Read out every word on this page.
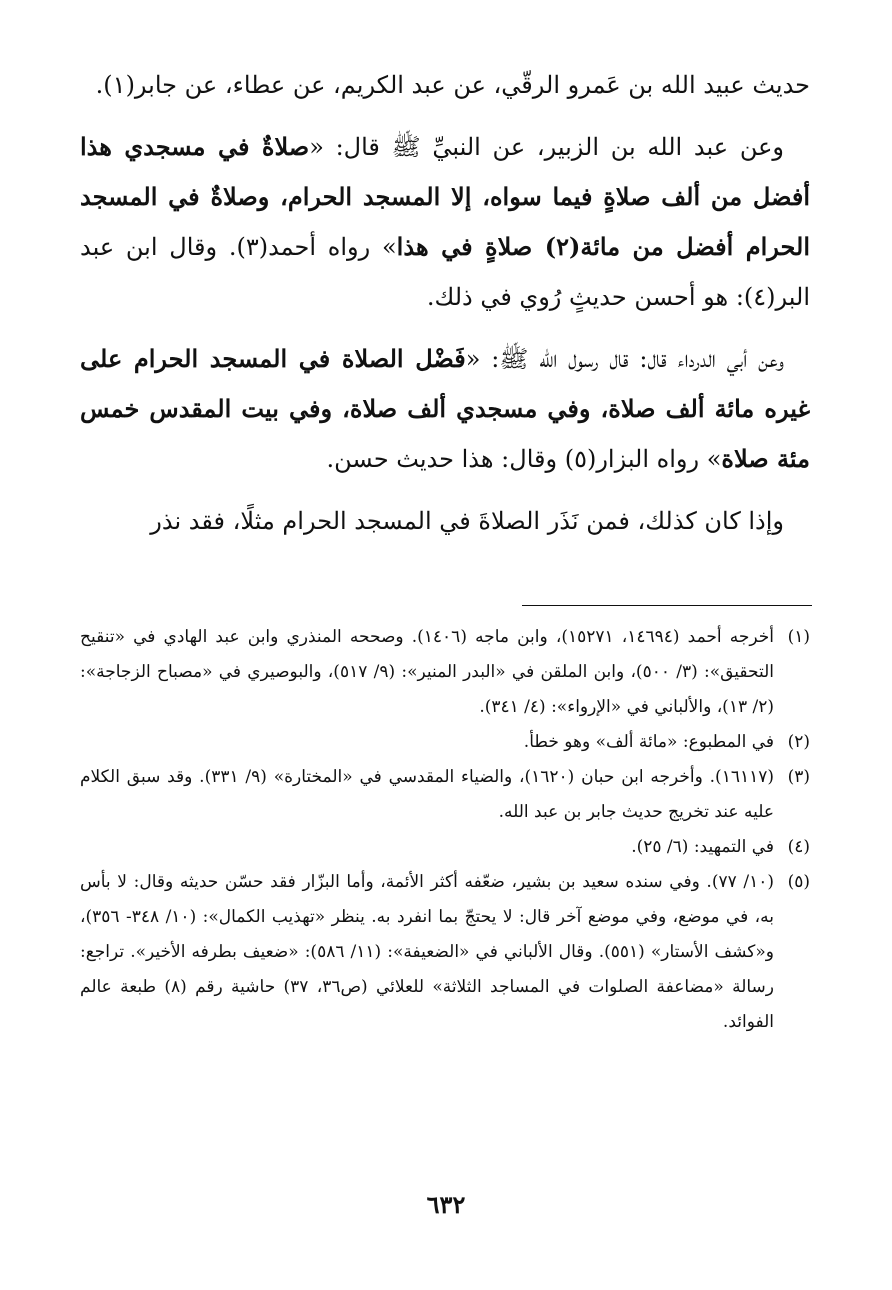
حديث عبيد الله بن عَمرو الرقّي، عن عبد الكريم، عن عطاء، عن جابر(١).

وعن عبد الله بن الزبير، عن النبيِّ ﷺ قال: «صلاةٌ في مسجدي هذا أفضل من ألف صلاةٍ فيما سواه، إلا المسجد الحرام، وصلاةٌ في المسجد الحرام أفضل من مائة(٢) صلاةٍ في هذا» رواه أحمد(٣). وقال ابن عبد البر(٤): هو أحسن حديثٍ رُوي في ذلك.

وعن أبي الدرداء قال: قال رسول الله ﷺ: «فَضْل الصلاة في المسجد الحرام على غيره مائة ألف صلاة، وفي مسجدي ألف صلاة، وفي بيت المقدس خمس مئة صلاة» رواه البزار(٥) وقال: هذا حديث حسن.

وإذا كان كذلك، فمن نَذَر الصلاةَ في المسجد الحرام مثلًا، فقد نذر

(١)
أخرجه أحمد (١٤٦٩٤، ١٥٢٧١)، وابن ماجه (١٤٠٦). وصححه المنذري وابن عبد الهادي في «تنقيح التحقيق»: (٣/ ٥٠٠)، وابن الملقن في «البدر المنير»: (٩/ ٥١٧)، والبوصيري في «مصباح الزجاجة»: (٢/ ١٣)، والألباني في «الإرواء»: (٤/ ٣٤١).
(٢)
في المطبوع: «مائة ألف» وهو خطأ.
(٣)
(١٦١١٧). وأخرجه ابن حبان (١٦٢٠)، والضياء المقدسي في «المختارة» (٩/ ٣٣١). وقد سبق الكلام عليه عند تخريج حديث جابر بن عبد الله.
(٤)
في التمهيد: (٦/ ٢٥).
(٥)
(١٠/ ٧٧). وفي سنده سعيد بن بشير، ضعّفه أكثر الأئمة، وأما البزّار فقد حسّن حديثه وقال: لا بأس به، في موضع، وفي موضع آخر قال: لا يحتجّ بما انفرد به. ينظر «تهذيب الكمال»: (١٠/ ٣٤٨- ٣٥٦)، و«كشف الأستار» (٥٥١). وقال الألباني في «الضعيفة»: (١١/ ٥٨٦): «ضعيف بطرفه الأخير». تراجع: رسالة «مضاعفة الصلوات في المساجد الثلاثة» للعلائي (ص٣٦، ٣٧) حاشية رقم (٨) طبعة عالم الفوائد.
٦٣٢
